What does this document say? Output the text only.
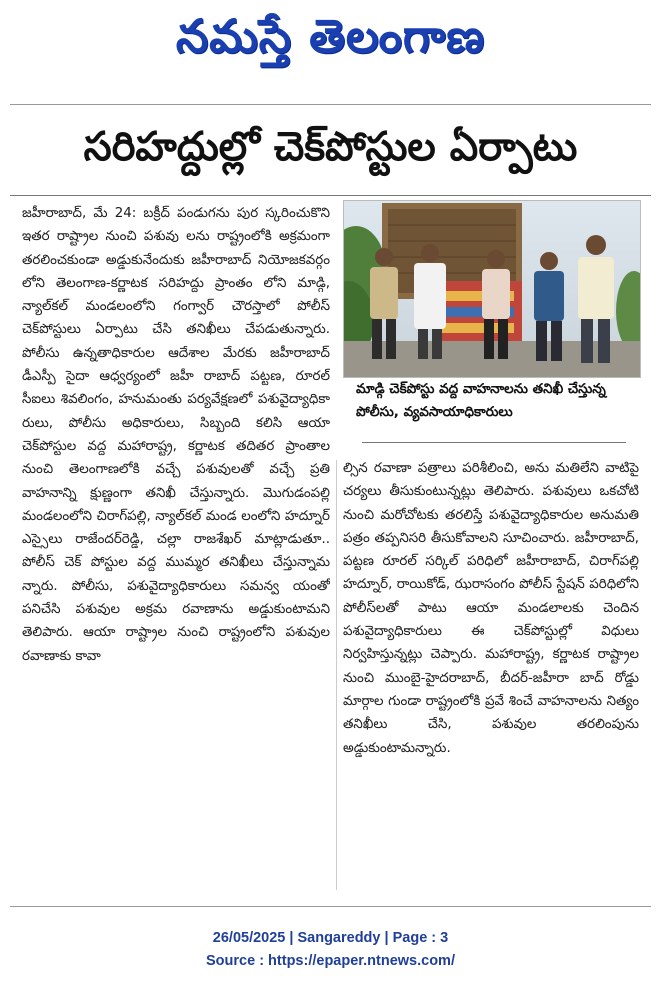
నమస్తే తెలంగాణ
సరిహద్దుల్లో చెక్‌పోస్టుల ఏర్పాటు
జహీరాబాద్, మే 24: బక్రీద్ పండుగను పుర స్కరించుకొని ఇతర రాష్ట్రాల నుంచి పశువు లను రాష్ట్రంలోకి అక్రమంగా తరలించకుండా అడ్డుకునేందుకు జహీరాబాద్ నియోజకవర్గం లోని తెలంగాణ-కర్ణాటక సరిహద్దు ప్రాంతం లోని మాడ్గి, న్యాల్‌కల్ మండలంలోని గంగ్వార్ చౌరస్తాలో పోలీస్ చెక్‌పోస్టులు ఏర్పాటు చేసి తనిఖీలు చేపడుతున్నారు. పోలీసు ఉన్నతాధికారుల ఆదేశాల మేరకు జహీరాబాద్ డీఎస్పీ సైదా ఆధ్వర్యంలో జహీ రాబాద్ పట్టణ, రూరల్ సీఐలు శివలింగం, హనుమంతు పర్యవేక్షణలో పశువైద్యాధికా రులు, పోలీసు అధికారులు, సిబ్బంది కలిసి ఆయా చెక్‌పోస్టుల వద్ద మహారాష్ట్ర, కర్ణాటక తదితర ప్రాంతాల నుంచి తెలంగాణలోకి వచ్చే పశువులతో వచ్చే ప్రతి వాహనాన్ని క్షుణ్ణంగా తనిఖీ చేస్తున్నారు. మొగుడంపల్లి మండలంలోని చిరాగ్‌పల్లి, న్యాల్‌కల్ మండ లంలోని హద్నూర్ ఎస్సైలు రాజేందర్‌రెడ్డి, చల్లా రాజశేఖర్ మాట్లాడుతూ.. పోలీస్ చెక్ పోస్టుల వద్ద ముమ్మర తనిఖీలు చేస్తున్నామ న్నారు. పోలీసు, పశువైద్యాధికారులు సమన్వ యంతో పనిచేసి పశువుల అక్రమ రవాణాను అడ్డుకుంటామని తెలిపారు. ఆయా రాష్ట్రాల నుంచి రాష్ట్రంలోని పశువుల రవాణాకు కావా
మాడ్గి చెక్‌పోస్టు వద్ద వాహనాలను తనిఖీ చేస్తున్న పోలీసు, వ్యవసాయాధికారులు
ల్సిన రవాణా పత్రాలు పరిశీలించి, అను మతిలేని వాటిపై చర్యలు తీసుకుంటున్నట్లు తెలిపారు. పశువులు ఒకచోటి నుంచి మరోచోటకు తరలిస్తే పశువైద్యాధికారుల అనుమతి పత్రం తప్పనిసరి తీసుకోవాలని సూచించారు. జహీరాబాద్, పట్టణ రూరల్ సర్కిల్ పరిధిలో జహీరాబాద్, చిరాగ్‌పల్లి హద్నూర్, రాయికోడ్, ఝరాసంగం పోలీస్ స్టేషన్ పరిధిలోని పోలీస్‌లతో పాటు ఆయా మండలాలకు చెందిన పశువైద్యాధికారులు ఈ చెక్‌పోస్టుల్లో విధులు నిర్వహిస్తున్నట్లు చెప్పారు. మహారాష్ట్ర, కర్ణాటక రాష్ట్రాల నుంచి ముంబై-హైదరాబాద్, బీదర్-జహీరా బాద్ రోడ్డు మార్గాల గుండా రాష్ట్రంలోకి ప్రవే శించే వాహనాలను నిత్యం తనిఖీలు చేసి, పశువుల తరలింపును అడ్డుకుంటామన్నారు.
26/05/2025 | Sangareddy | Page : 3
Source : https://epaper.ntnews.com/
